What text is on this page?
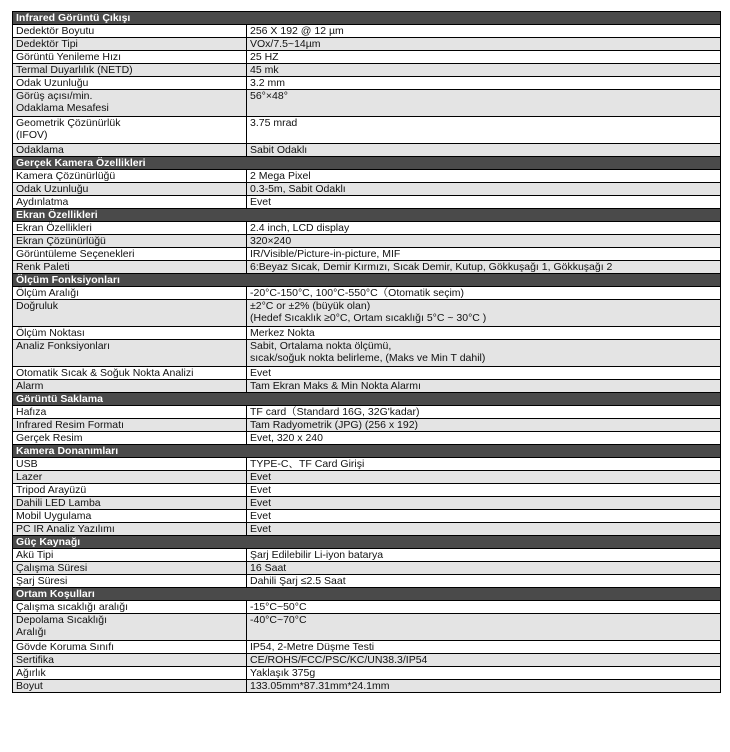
Infrared Görüntü Çıkışı	
Dedektör Boyutu	256 X 192 @ 12 µm
Dedektör Tipi	VOx/7.5~14µm
Görüntü Yenileme Hızı	25 HZ
Termal Duyarlılık (NETD)	45 mk
Odak Uzunluğu	3.2 mm

Görüş açısı/min.
Odaklama Mesafesi	56°×48°

Geometrik Çözünürlük
(IFOV)	3.75 mrad
Odaklama	Sabit Odaklı
Gerçek Kamera Özellikleri	
Kamera Çözünürlüğü	2 Mega Pixel
Odak Uzunluğu	0.3-5m, Sabit Odaklı
Aydınlatma	Evet
Ekran Özellikleri	
Ekran Özellikleri	2.4 inch, LCD display
Ekran Çözünürlüğü	320×240
Görüntüleme Seçenekleri	IR/Visible/Picture-in-picture, MIF
Renk Paleti	6:Beyaz Sıcak, Demir Kırmızı, Sıcak Demir, Kutup, Gökkuşağı 1, Gökkuşağı 2
Ölçüm Fonksiyonları	
Ölçüm Aralığı	-20°C-150°C, 100°C-550°C（Otomatik seçim)
Doğruluk	±2°C or ±2% (büyük olan)
(Hedef Sıcaklık ≥0°C, Ortam sıcaklığı 5°C ~ 30°C )

Ölçüm Noktası	Merkez Nokta
Analiz Fonksiyonları	Sabit, Ortalama nokta ölçümü,
sıcak/soğuk nokta belirleme, (Maks ve Min T dahil)

Otomatik Sıcak & Soğuk Nokta Analizi	Evet
Alarm	Tam Ekran Maks & Min Nokta Alarmı
Görüntü Saklama	
Hafıza	TF card（Standard 16G, 32G'kadar)
Infrared Resim Formatı	Tam Radyometrik (JPG) (256 x 192)
Gerçek Resim	Evet, 320 x 240
Kamera Donanımları	
USB	TYPE-C、TF Card Girişi
Lazer	Evet
Tripod Arayüzü	Evet
Dahili LED Lamba	Evet
Mobil Uygulama	Evet
PC IR Analiz Yazılımı	Evet
Güç Kaynağı	
Akü Tipi	Şarj Edilebilir Li-iyon batarya
Çalışma Süresi	16 Saat
Şarj Süresi	Dahili Şarj ≤2.5 Saat
Ortam Koşulları	
Çalışma sıcaklığı aralığı	-15°C~50°C

Depolama Sıcaklığı
Aralığı	-40°C~70°C
Gövde Koruma Sınıfı	IP54, 2-Metre Düşme Testi
Sertifika	CE/ROHS/FCC/PSC/KC/UN38.3/IP54
Ağırlık	Yaklaşık 375g
Boyut	133.05mm*87.31mm*24.1mm
